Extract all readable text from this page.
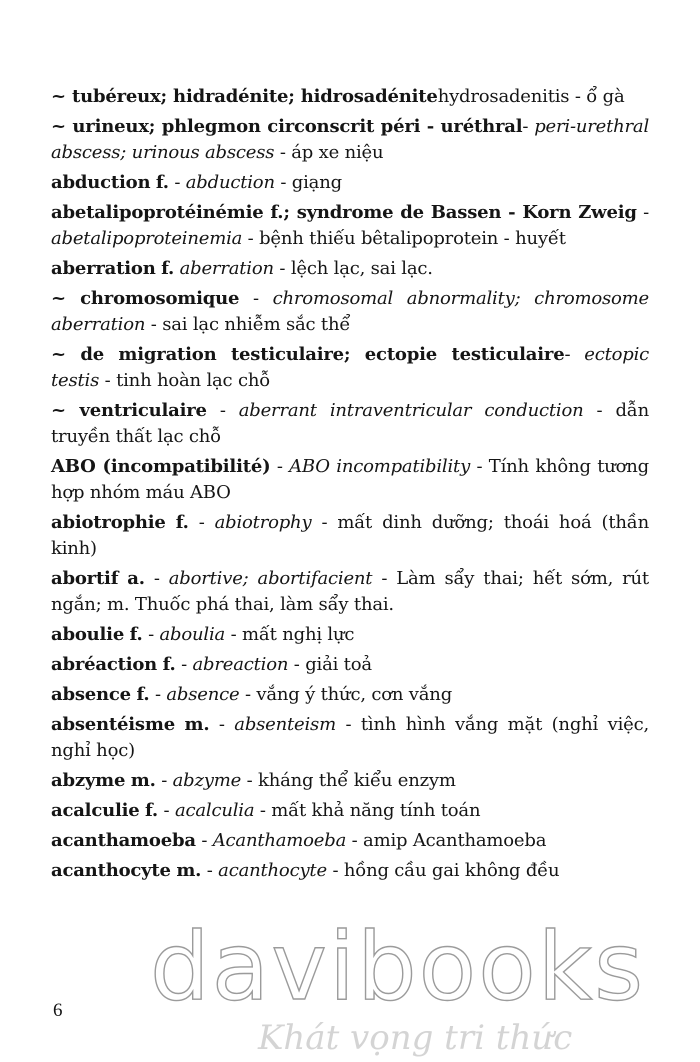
~ tubéreux; hidradénite; hidrosadénitehydrosadenitis - ổ gà
~ urineux; phlegmon circonscrit péri - uréthral- peri-urethral abscess; urinous abscess - áp xe niệu
abduction f. - abduction - giạng
abetalipoprotéinémie f.; syndrome de Bassen - Korn Zweig - abetalipoproteinemia - bệnh thiếu bêtalipoprotein - huyết
aberration f. aberration - lệch lạc, sai lạc.
~ chromosomique - chromosomal abnormality; chromosome aberration - sai lạc nhiễm sắc thể
~ de migration testiculaire; ectopie testiculaire- ectopic testis - tinh hoàn lạc chỗ
~ ventriculaire - aberrant intraventricular conduction - dẫn truyền thất lạc chỗ
ABO (incompatibilité) - ABO incompatibility - Tính không tương hợp nhóm máu ABO
abiotrophie f. - abiotrophy - mất dinh dưỡng; thoái hoá (thần kinh)
abortif a. - abortive; abortifacient - Làm sẩy thai; hết sớm, rút ngắn; m. Thuốc phá thai, làm sẩy thai.
aboulie f. - aboulia - mất nghị lực
abréaction f. - abreaction - giải toả
absence f. - absence - vắng ý thức, cơn vắng
absentéisme m. - absenteism - tình hình vắng mặt (nghỉ việc, nghỉ học)
abzyme m. - abzyme - kháng thể kiểu enzym
acalculie f. - acalculia - mất khả năng tính toán
acanthamoeba - Acanthamoeba - amip Acanthamoeba
acanthocyte m. - acanthocyte - hồng cầu gai không đều
6 davibooks
Khát vọng tri thức
